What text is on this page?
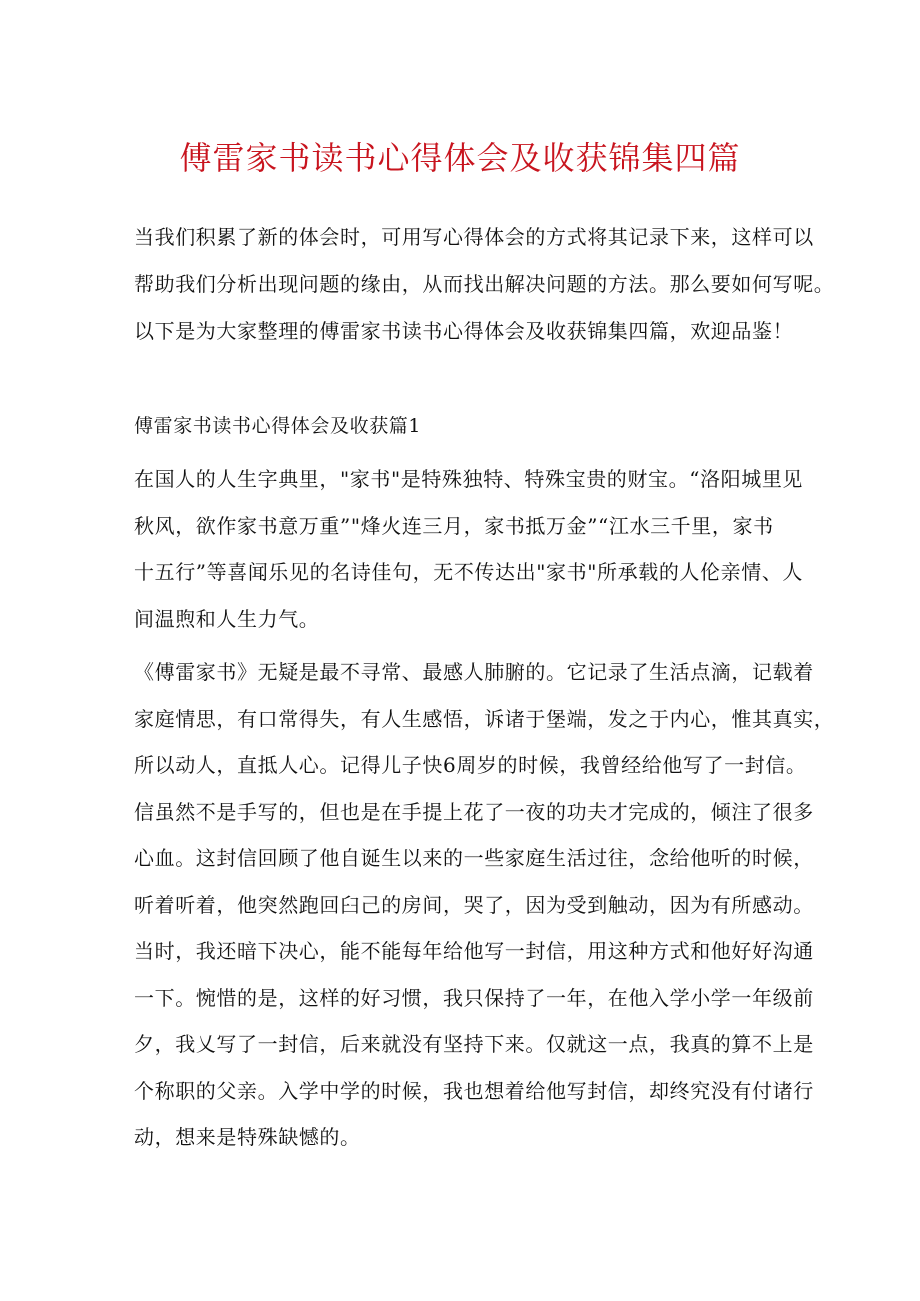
傅雷家书读书心得体会及收获锦集四篇
当我们积累了新的体会时，可用写心得体会的方式将其记录下来，这样可以
帮助我们分析出现问题的缘由，从而找出解决问题的方法。那么要如何写呢。
以下是为大家整理的傅雷家书读书心得体会及收获锦集四篇，欢迎品鉴！
傅雷家书读书心得体会及收获篇1
在国人的人生字典里，"家书"是特殊独特、特殊宝贵的财宝。“洛阳城里见
秋风，欲作家书意万重”"烽火连三月，家书抵万金”“江水三千里，家书
十五行”等喜闻乐见的名诗佳句，无不传达出"家书"所承载的人伦亲情、人
间温煦和人生力气。
《傅雷家书》无疑是最不寻常、最感人肺腑的。它记录了生活点滴，记载着
家庭情思，有口常得失，有人生感悟，诉诸于堡端，发之于内心，惟其真实，
所以动人，直抵人心。记得儿子快6周岁的时候，我曾经给他写了一封信。
信虽然不是手写的，但也是在手提上花了一夜的功夫才完成的，倾注了很多
心血。这封信回顾了他自诞生以来的一些家庭生活过往，念给他听的时候，
听着听着，他突然跑回臼己的房间，哭了，因为受到触动，因为有所感动。
当时，我还暗下决心，能不能每年给他写一封信，用这种方式和他好好沟通
一下。惋惜的是，这样的好习惯，我只保持了一年，在他入学小学一年级前
夕，我乂写了一封信，后来就没有坚持下来。仅就这一点，我真的算不上是
个称职的父亲。入学中学的时候，我也想着给他写封信，却终究没有付诸行
动，想来是特殊缺憾的。
